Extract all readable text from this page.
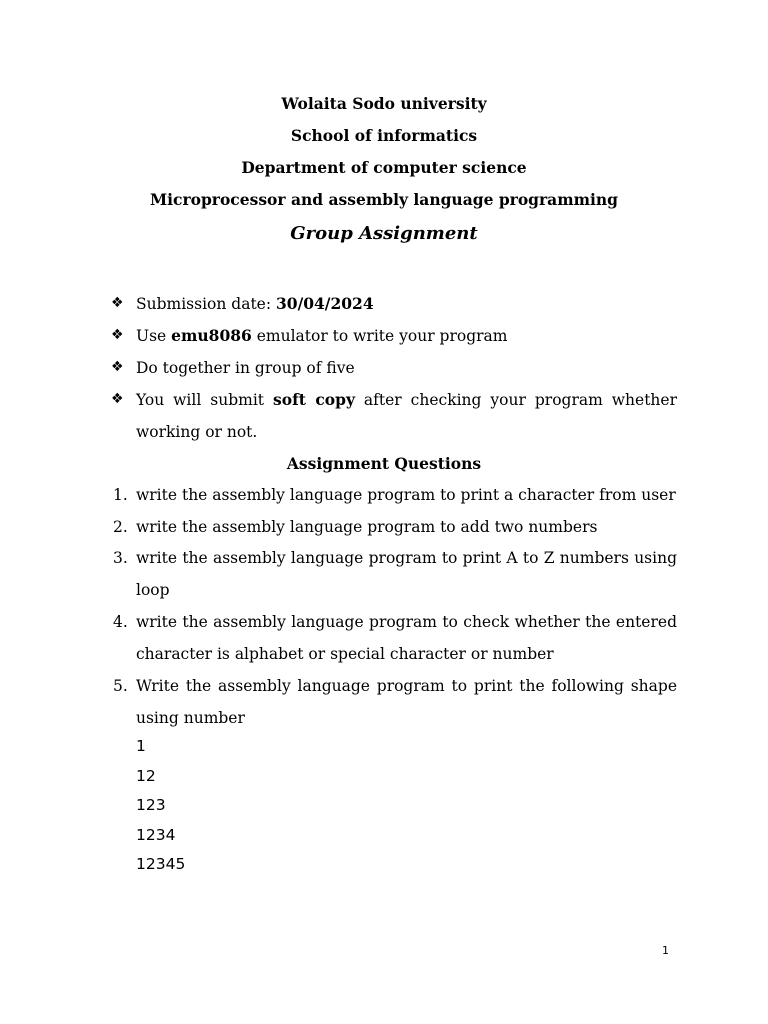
Wolaita Sodo university
School of informatics
Department of computer science
Microprocessor and assembly language programming
Group Assignment
❖ Submission date: 30/04/2024
❖ Use emu8086 emulator to write your program
❖ Do together in group of five
❖ You will submit soft copy after checking your program whether working or not.
Assignment Questions
1. write the assembly language program to print a character from user
2. write the assembly language program to add two numbers
3. write the assembly language program to print A to Z numbers using loop
4. write the assembly language program to check whether the entered character is alphabet or special character or number
5. Write the assembly language program to print the following shape using number
1
12
123
1234
12345
1
